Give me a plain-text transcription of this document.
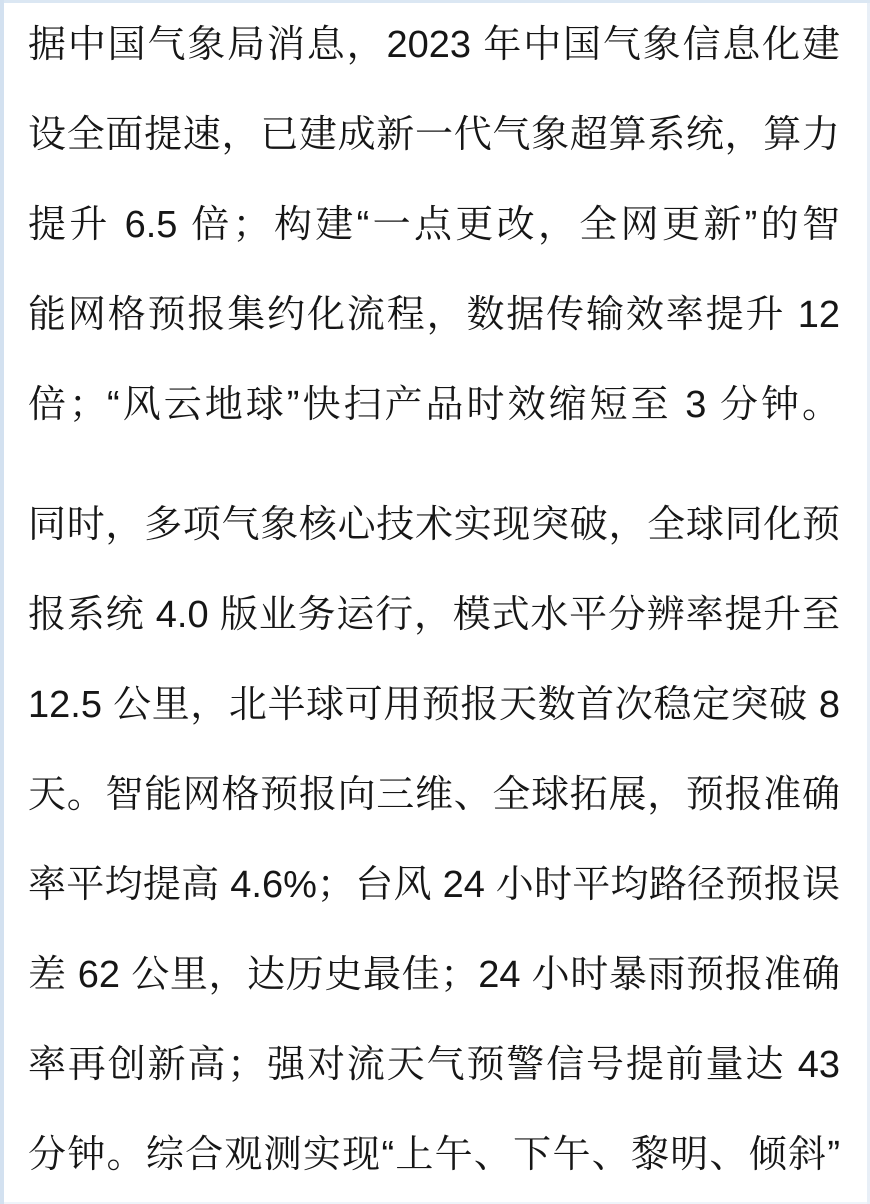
据中国气象局消息，2023 年中国气象信息化建
设全面提速，已建成新一代气象超算系统，算力
提升 6.5 倍；构建“一点更改，全网更新”的智
能网格预报集约化流程，数据传输效率提升 12
倍；“风云地球”快扫产品时效缩短至 3 分钟。
同时，多项气象核心技术实现突破，全球同化预
报系统 4.0 版业务运行，模式水平分辨率提升至
12.5 公里，北半球可用预报天数首次稳定突破 8
天。智能网格预报向三维、全球拓展，预报准确
率平均提高 4.6%；台风 24 小时平均路径预报误
差 62 公里，达历史最佳；24 小时暴雨预报准确
率再创新高；强对流天气预警信号提前量达 43
分钟。综合观测实现“上午、下午、黎明、倾斜”
